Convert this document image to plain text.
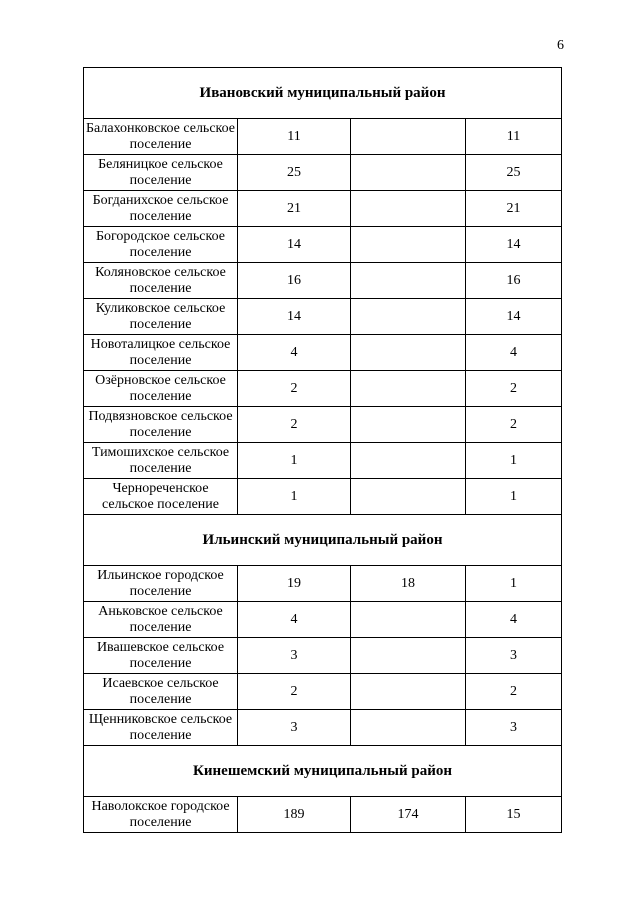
6
Ивановский муниципальный район			
Балахонковское сельское поселение	11		11
Беляницкое сельское поселение	25		25
Богданихское сельское поселение	21		21
Богородское сельское поселение	14		14
Коляновское сельское поселение	16		16
Куликовское сельское поселение	14		14
Новоталицкое сельское поселение	4		4
Озёрновское сельское поселение	2		2
Подвязновское сельское поселение	2		2
Тимошихское сельское поселение	1		1
Чернореченское сельское поселение	1		1
Ильинский муниципальный район			
Ильинское городское поселение	19	18	1
Аньковское сельское поселение	4		4
Ивашевское сельское поселение	3		3
Исаевское сельское поселение	2		2
Щенниковское сельское поселение	3		3
Кинешемский муниципальный район			
Наволокское городское поселение	189	174	15
